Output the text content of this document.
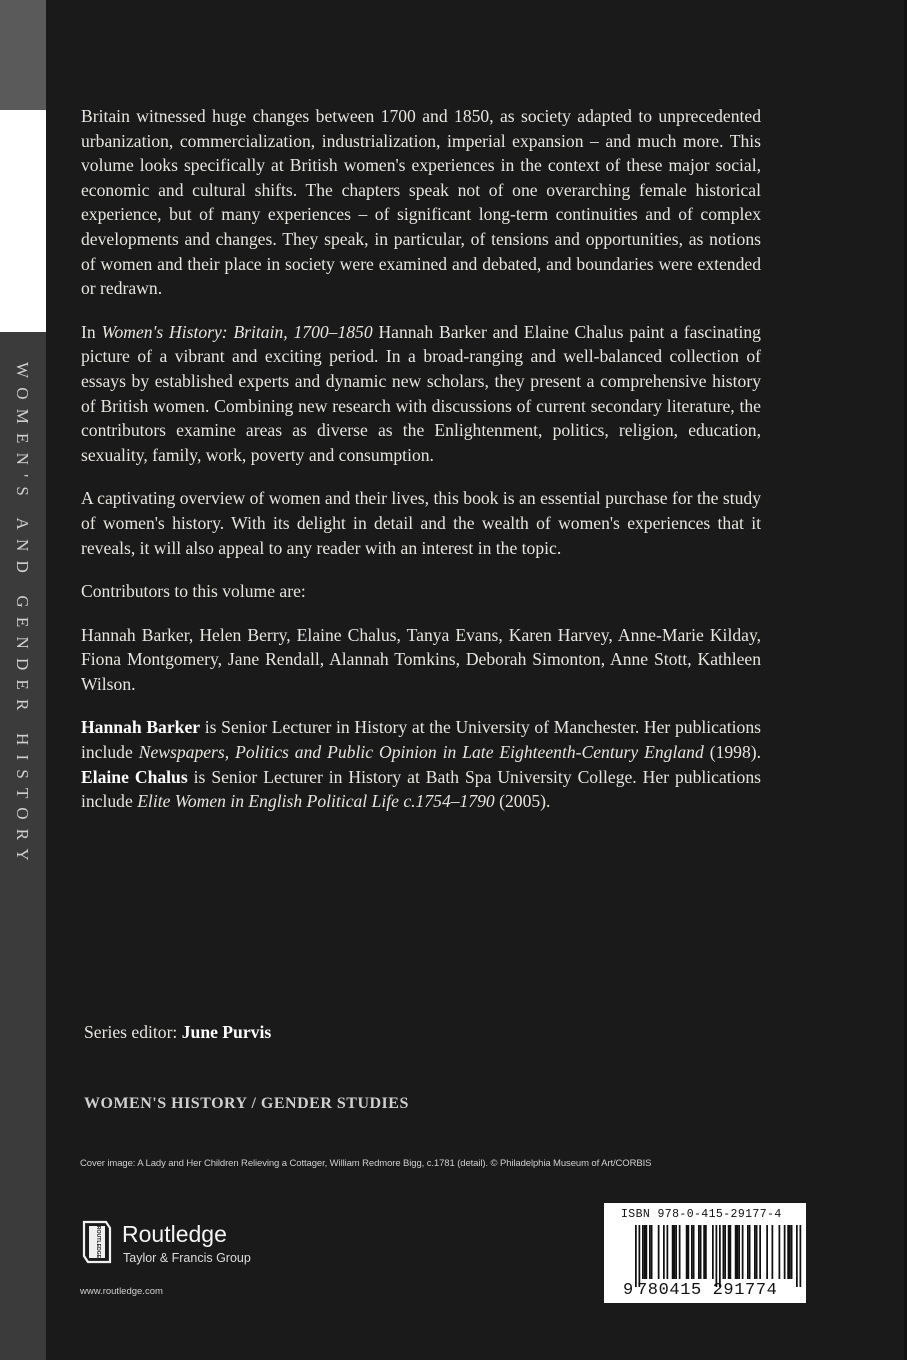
WOMEN'S AND GENDER HISTORY

Britain witnessed huge changes between 1700 and 1850, as society adapted to unprecedented urbanization, commercialization, industrialization, imperial expansion – and much more. This volume looks specifically at British women's experiences in the context of these major social, economic and cultural shifts. The chapters speak not of one overarching female historical experience, but of many experiences – of significant long-term continuities and of complex developments and changes. They speak, in particular, of tensions and opportunities, as notions of women and their place in society were examined and debated, and boundaries were extended or redrawn.

In Women's History: Britain, 1700–1850 Hannah Barker and Elaine Chalus paint a fascinating picture of a vibrant and exciting period. In a broad-ranging and well-balanced collection of essays by established experts and dynamic new scholars, they present a comprehensive history of British women. Combining new research with discussions of current secondary literature, the contributors examine areas as diverse as the Enlightenment, politics, religion, education, sexuality, family, work, poverty and consumption.

A captivating overview of women and their lives, this book is an essential purchase for the study of women's history. With its delight in detail and the wealth of women's experiences that it reveals, it will also appeal to any reader with an interest in the topic.

Contributors to this volume are:

Hannah Barker, Helen Berry, Elaine Chalus, Tanya Evans, Karen Harvey, Anne-Marie Kilday, Fiona Montgomery, Jane Rendall, Alannah Tomkins, Deborah Simonton, Anne Stott, Kathleen Wilson.

Hannah Barker is Senior Lecturer in History at the University of Manchester. Her publications include Newspapers, Politics and Public Opinion in Late Eighteenth-Century England (1998). Elaine Chalus is Senior Lecturer in History at Bath Spa University College. Her publications include Elite Women in English Political Life c.1754–1790 (2005).

Series editor: June Purvis
WOMEN'S HISTORY / GENDER STUDIES
Cover image: A Lady and Her Children Relieving a Cottager, William Redmore Bigg, c.1781 (detail). © Philadelphia Museum of Art/CORBIS
ROUTLEDGE Routledge
Taylor & Francis Group
www.routledge.com
ISBN 978-0-415-29177-4
9 780415 291774
